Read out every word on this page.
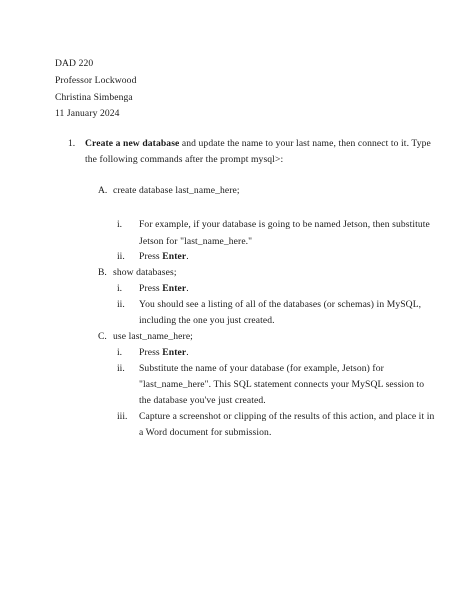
DAD 220
Professor Lockwood
Christina Simbenga
11 January 2024
1. Create a new database and update the name to your last name, then connect to it. Type
the following commands after the prompt mysql>:
A. create database last_name_here;
i. For example, if your database is going to be named Jetson, then substitute
Jetson for "last_name_here."
ii. Press Enter.
B. show databases;
i. Press Enter.
ii. You should see a listing of all of the databases (or schemas) in MySQL,
including the one you just created.
C. use last_name_here;
i. Press Enter.
ii. Substitute the name of your database (for example, Jetson) for
"last_name_here". This SQL statement connects your MySQL session to
the database you've just created.
iii. Capture a screenshot or clipping of the results of this action, and place it in
a Word document for submission.
